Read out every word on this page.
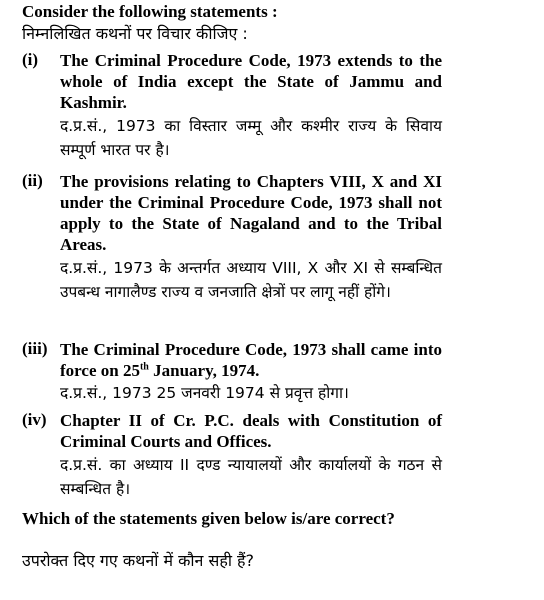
Consider the following statements :
निम्नलिखित कथनों पर विचार कीजिए :
(i) The Criminal Procedure Code, 1973 extends to the whole of India except the State of Jammu and Kashmir.

द.प्र.सं., 1973 का विस्तार जम्मू और कश्मीर राज्य के सिवाय सम्पूर्ण भारत पर है।

(ii) The provisions relating to Chapters VIII, X and XI under the Criminal Procedure Code, 1973 shall not apply to the State of Nagaland and to the Tribal Areas.

द.प्र.सं., 1973 के अन्तर्गत अध्याय VIII, X और XI से सम्बन्धित उपबन्ध नागालैण्ड राज्य व जनजाति क्षेत्रों पर लागू नहीं होंगे।

(iii) The Criminal Procedure Code, 1973 shall came into force on 25th January, 1974.

द.प्र.सं., 1973 25 जनवरी 1974 से प्रवृत्त होगा।

(iv) Chapter II of Cr. P.C. deals with Constitution of Criminal Courts and Offices.

द.प्र.सं. का अध्याय II दण्ड न्यायालयों और कार्यालयों के गठन से सम्बन्धित है।

Which of the statements given below is/are correct?

उपरोक्त दिए गए कथनों में कौन सही हैं?
